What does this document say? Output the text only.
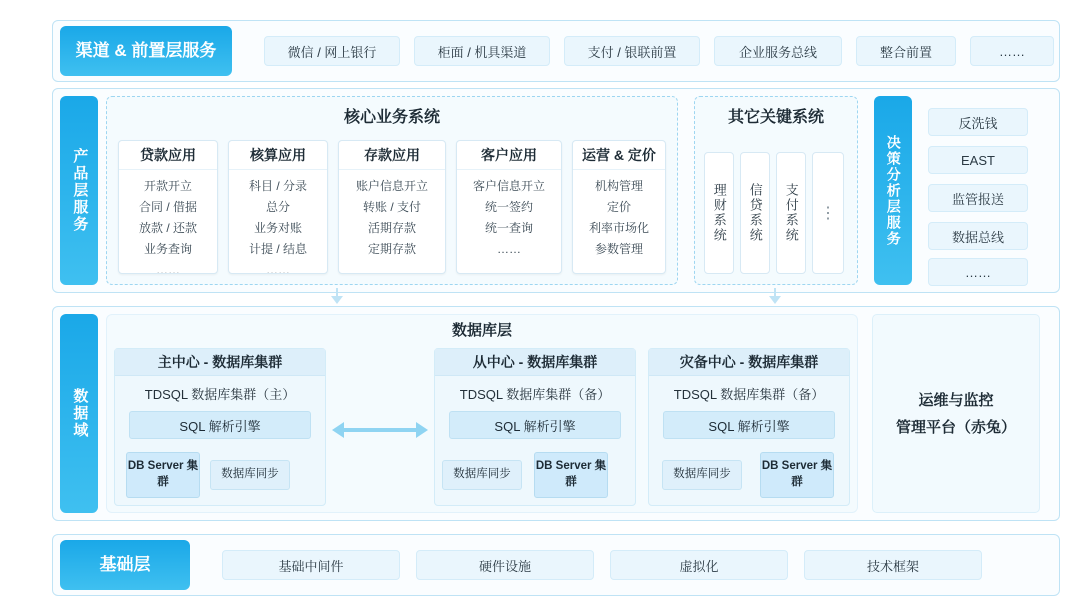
渠道 & 前置层服务	微信 / 网上银行	柜面 / 机具渠道	支付 / 银联前置	企业服务总线	整合前置	……
产品层服务
核心业务系统
贷款应用
开款开立
合同 / 借据
放款 / 还款
业务查询
……
核算应用
科目 / 分录
总分
业务对账
计提 / 结息
……
存款应用
账户信息开立
转账 / 支付
活期存款
定期存款
客户应用
客户信息开立
统一签约
统一查询
……
运营 & 定价
机构管理
定价
利率市场化
参数管理
其它关键系统
理财系统 信贷系统 支付系统 ⋮	决策分析层服务
反洗钱
EAST
监管报送
数据总线
……
数据域
数据库层
主中心 - 数据库集群
TDSQL 数据库集群（主）
SQL 解析引擎
DB Server 集群
数据库同步
从中心 - 数据库集群
TDSQL 数据库集群（备）
SQL 解析引擎
数据库同步
DB Server 集群
灾备中心 - 数据库集群
TDSQL 数据库集群（备）
SQL 解析引擎
数据库同步
DB Server 集群
运维与监控
管理平台（赤兔）
基础层	基础中间件	硬件设施	虚拟化	技术框架
